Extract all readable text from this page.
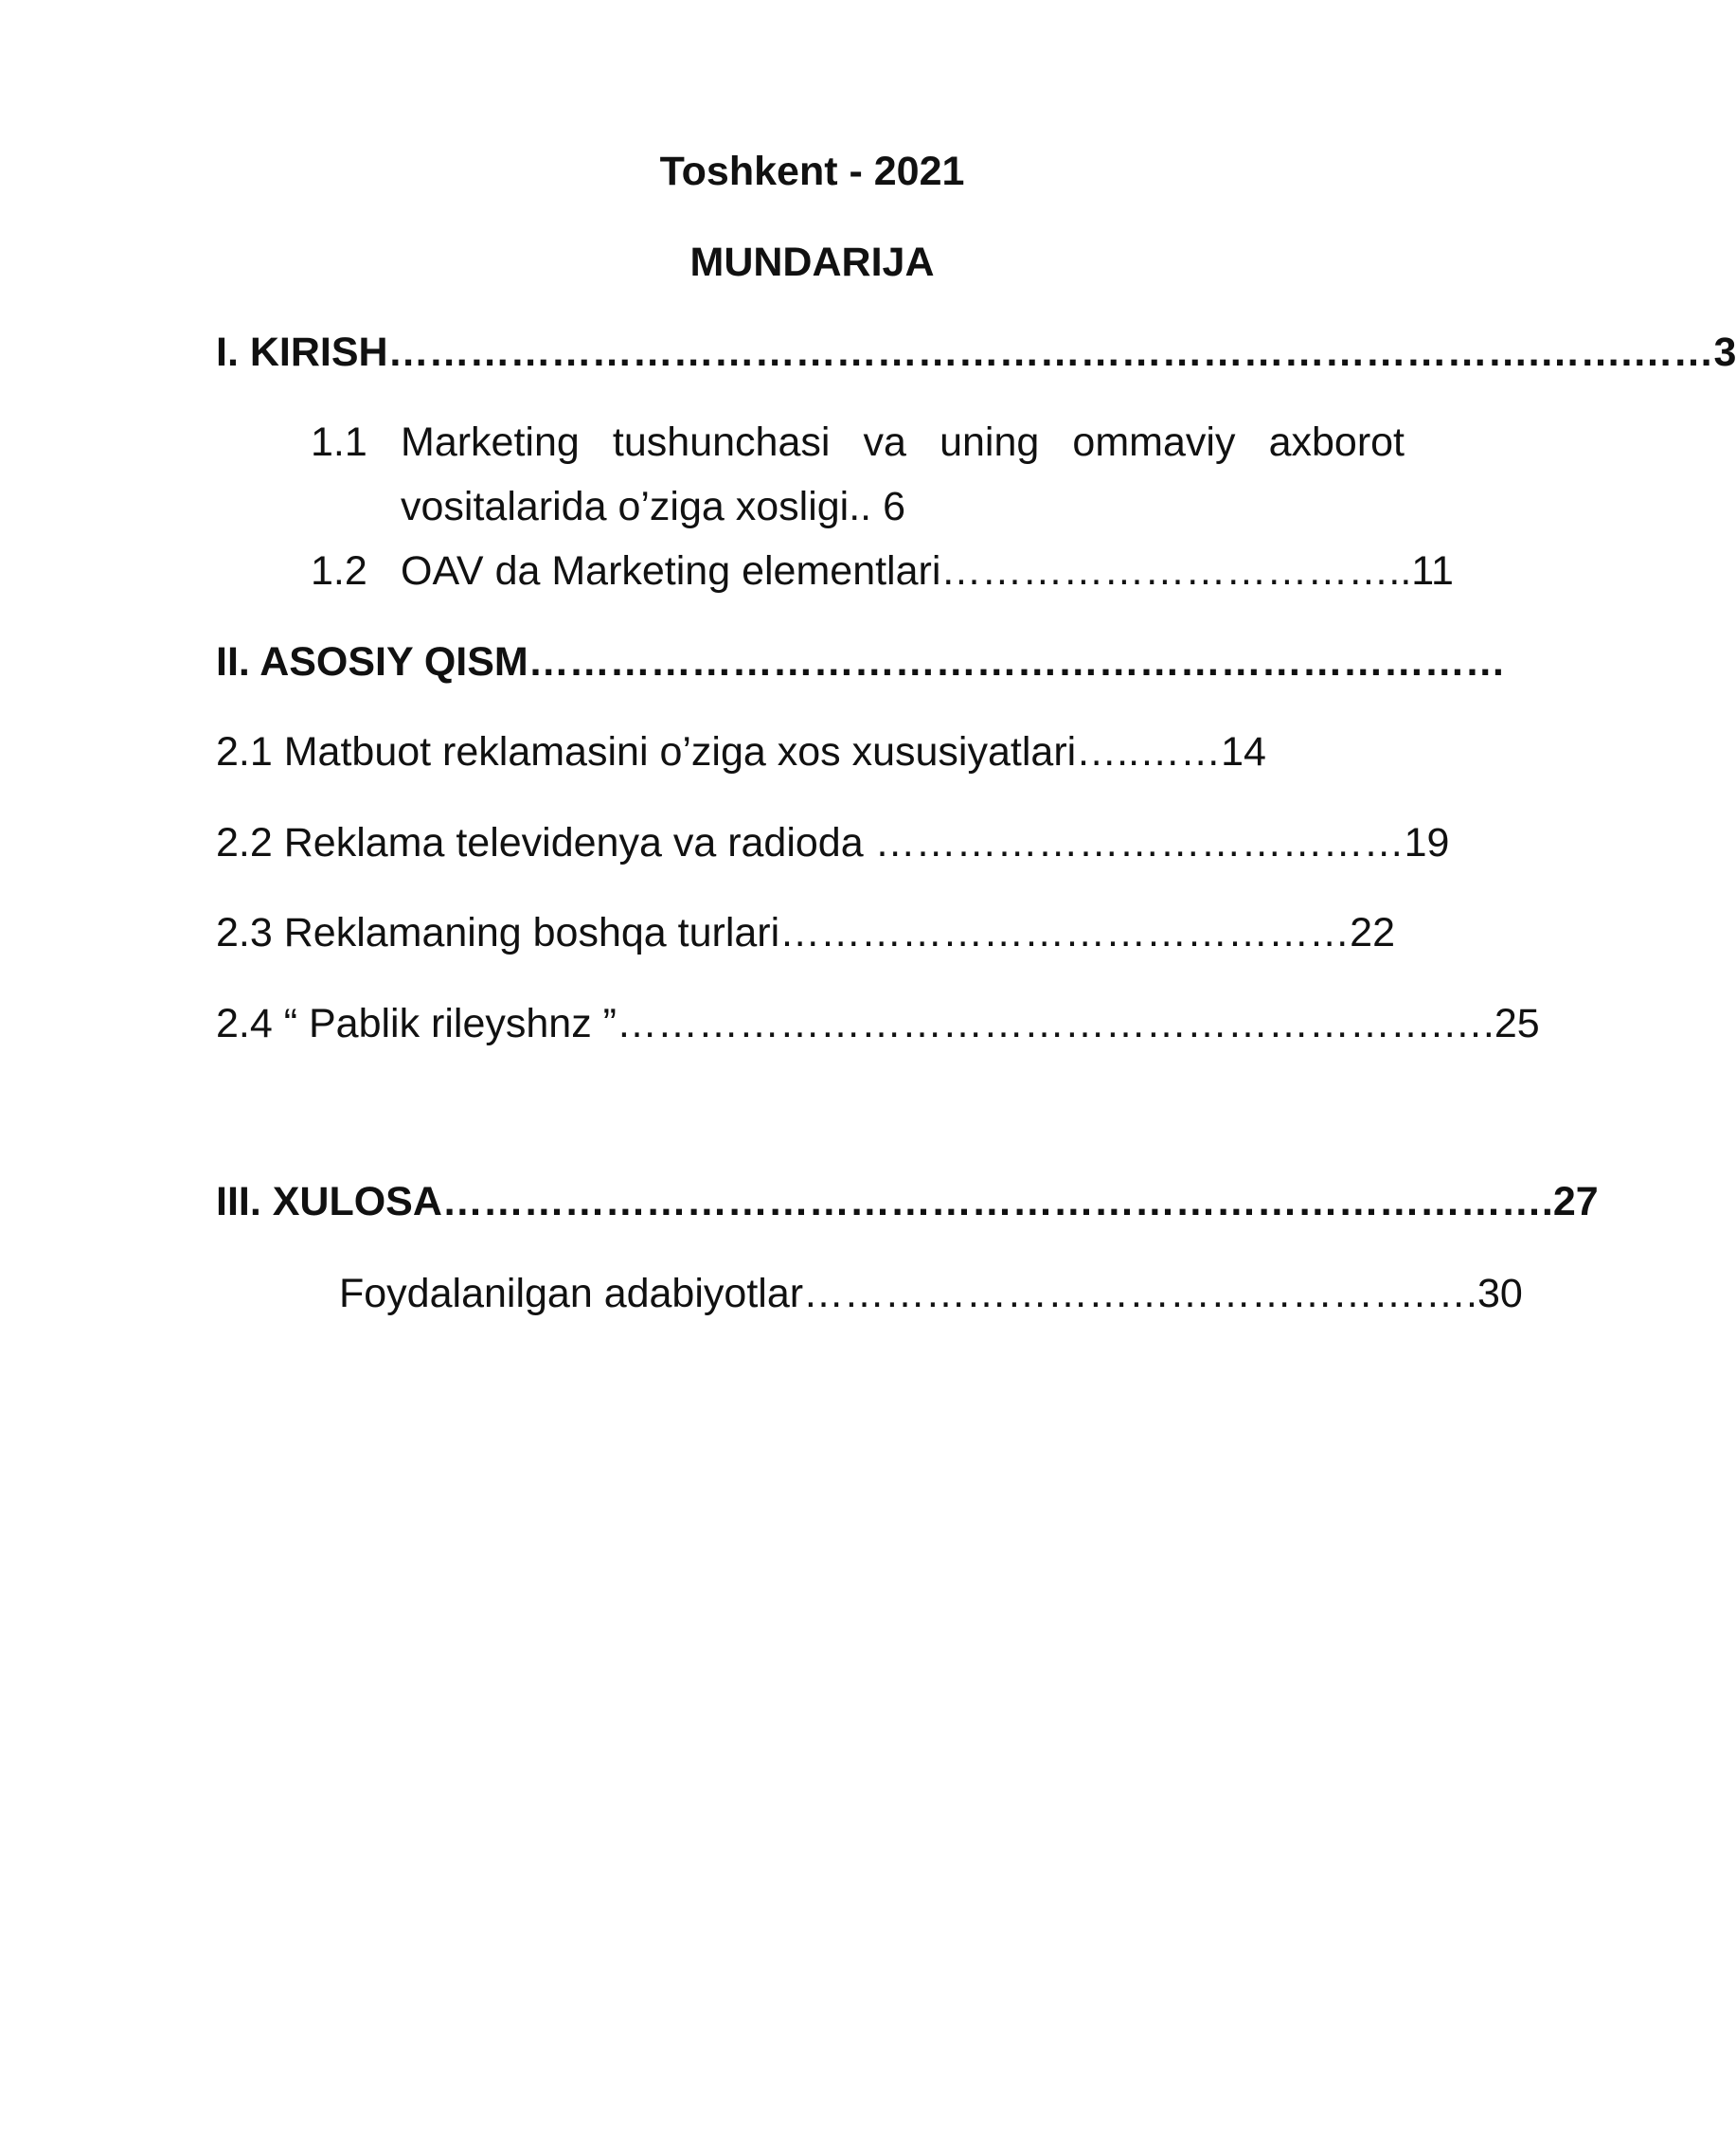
Toshkent - 2021
MUNDARIJA
I. KIRISH………………………………………………………………………….…….……3
1.1 Marketing tushunchasi va uning ommaviy axborot
vositalarida o’ziga xosligi.. 6
1.2 OAV da Marketing elementlari……………………………..11
II. ASOSIY QISM………………………………………………………………
2.1 Matbuot reklamasini o’ziga xos xususiyatlari…..……14
2.2 Reklama televidenya va radioda …………………………………19
2.3 Reklamaning boshqa turlari……………………………………22
2.4 “ Pablik rileyshnz ”…………………………………………………….….25
III. XULOSA……………………………………………………………………….27
Foydalanilgan adabiyotlar……………………………………….….30
